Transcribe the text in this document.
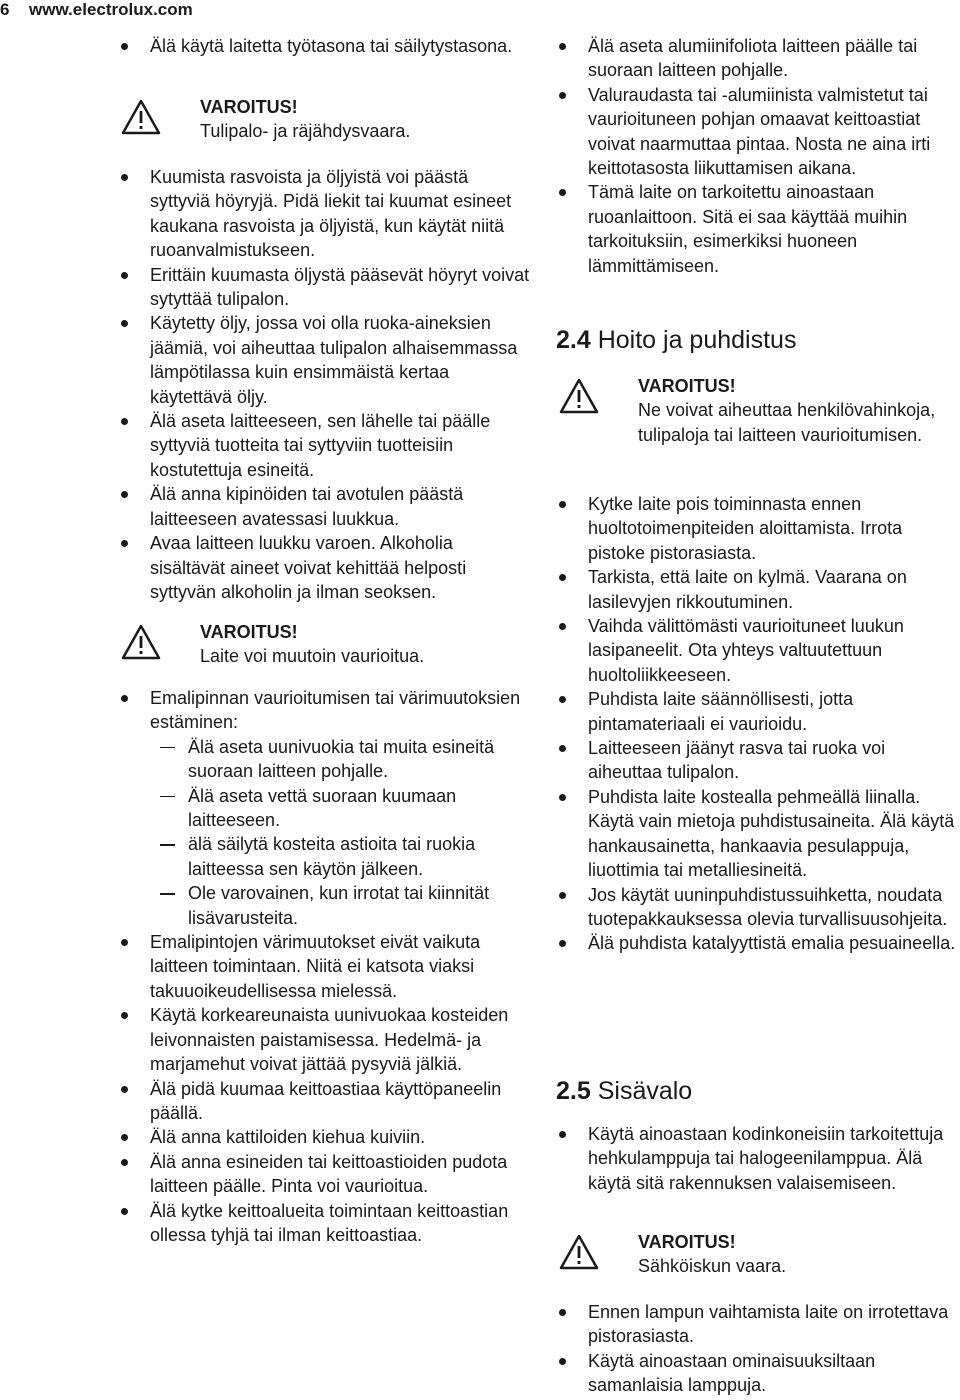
6 www.electrolux.com
Älä käytä laitetta työtasona tai säilytystasona.
VAROITUS!
Tulipalo- ja räjähdysvaara.
Kuumista rasvoista ja öljyistä voi päästä syttyviä höyryjä. Pidä liekit tai kuumat esineet kaukana rasvoista ja öljyistä, kun käytät niitä ruoanvalmistukseen.
Erittäin kuumasta öljystä pääsevät höyryt voivat sytyttää tulipalon.
Käytetty öljy, jossa voi olla ruoka-aineksien jäämiä, voi aiheuttaa tulipalon alhaisemmassa lämpötilassa kuin ensimmäistä kertaa käytettävä öljy.
Älä aseta laitteeseen, sen lähelle tai päälle syttyviä tuotteita tai syttyviin tuotteisiin kostutettuja esineitä.
Älä anna kipinöiden tai avotulen päästä laitteeseen avatessasi luukkua.
Avaa laitteen luukku varoen. Alkoholia sisältävät aineet voivat kehittää helposti syttyvän alkoholin ja ilman seoksen.
VAROITUS!
Laite voi muutoin vaurioitua.
Emalipinnan vaurioitumisen tai värimuutoksien estäminen:
Älä aseta uunivuokia tai muita esineitä suoraan laitteen pohjalle.
Älä aseta vettä suoraan kuumaan laitteeseen.
älä säilytä kosteita astioita tai ruokia laitteessa sen käytön jälkeen.
Ole varovainen, kun irrotat tai kiinnität lisävarusteita.
Emalipintojen värimuutokset eivät vaikuta laitteen toimintaan. Niitä ei katsota viaksi takuuoikeudellisessa mielessä.
Käytä korkeareunaista uunivuokaa kosteiden leivonnaisten paistamisessa. Hedelmä- ja marjamehut voivat jättää pysyviä jälkiä.
Älä pidä kuumaa keittoastiaa käyttöpaneelin päällä.
Älä anna kattiloiden kiehua kuiviin.
Älä anna esineiden tai keittoastioiden pudota laitteen päälle. Pinta voi vaurioitua.
Älä kytke keittoalueita toimintaan keittoastian ollessa tyhjä tai ilman keittoastiaa.
Älä aseta alumiinifoliota laitteen päälle tai suoraan laitteen pohjalle.
Valuraudasta tai -alumiinista valmistetut tai vaurioituneen pohjan omaavat keittoastiat voivat naarmuttaa pintaa. Nosta ne aina irti keittotasosta liikuttamisen aikana.
Tämä laite on tarkoitettu ainoastaan ruoanlaittoon. Sitä ei saa käyttää muihin tarkoituksiin, esimerkiksi huoneen lämmittämiseen.
2.4 Hoito ja puhdistus
VAROITUS!
Ne voivat aiheuttaa henkilövahinkoja, tulipaloja tai laitteen vaurioitumisen.
Kytke laite pois toiminnasta ennen huoltotoimenpiteiden aloittamista. Irrota pistoke pistorasiasta.
Tarkista, että laite on kylmä. Vaarana on lasilevyjen rikkoutuminen.
Vaihda välittömästi vaurioituneet luukun lasipaneelit. Ota yhteys valtuutettuun huoltoliikkeeseen.
Puhdista laite säännöllisesti, jotta pintamateriaali ei vaurioidu.
Laitteeseen jäänyt rasva tai ruoka voi aiheuttaa tulipalon.
Puhdista laite kostealla pehmeällä liinalla. Käytä vain mietoja puhdistusaineita. Älä käytä hankausainetta, hankaavia pesulappuja, liuottimia tai metalliesineitä.
Jos käytät uuninpuhdistussuihketta, noudata tuotepakkauksessa olevia turvallisuusohjeita.
Älä puhdista katalyyttistä emalia pesuaineella.
2.5 Sisävalo
Käytä ainoastaan kodinkoneisiin tarkoitettuja hehkulamppuja tai halogeenilamppua. Älä käytä sitä rakennuksen valaisemiseen.
VAROITUS!
Sähköiskun vaara.
Ennen lampun vaihtamista laite on irrotettava pistorasiasta.
Käytä ainoastaan ominaisuuksiltaan samanlaisia lamppuja.
